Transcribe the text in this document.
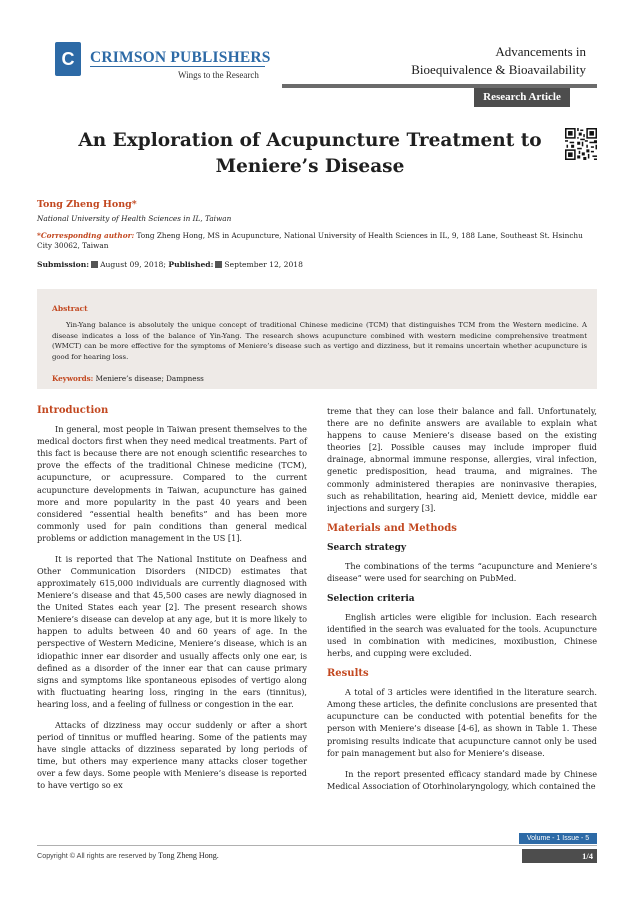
C	CRIMSON PUBLISHERS
Wings to the Research
Advancements in
Bioequivalence & Bioavailability
Research Article
An Exploration of Acupuncture Treatment to Meniere’s Disease
Tong Zheng Hong*
National University of Health Sciences in IL, Taiwan
*Corresponding author: Tong Zheng Hong, MS in Acupuncture, National University of Health Sciences in IL, 9, 188 Lane, Southeast St. Hsinchu City 30062, Taiwan
Submission: August 09, 2018; Published: September 12, 2018
Abstract
Yin-Yang balance is absolutely the unique concept of traditional Chinese medicine (TCM) that distinguishes TCM from the Western medicine. A disease indicates a loss of the balance of Yin-Yang. The research shows acupuncture combined with western medicine comprehensive treatment (WMCT) can be more effective for the symptoms of Meniere’s disease such as vertigo and dizziness, but it remains uncertain whether acupuncture is good for hearing loss.
Keywords: Meniere’s disease; Dampness
Introduction

In general, most people in Taiwan present themselves to the medical doctors first when they need medical treatments. Part of this fact is because there are not enough scientific researches to prove the effects of the traditional Chinese medicine (TCM), acupuncture, or acupressure. Compared to the current acupuncture developments in Taiwan, acupuncture has gained more and more popularity in the past 40 years and been considered “essential health benefits” and has been more commonly used for pain conditions than general medical problems or addiction management in the US [1].

It is reported that The National Institute on Deafness and Other Communication Disorders (NIDCD) estimates that approximately 615,000 individuals are currently diagnosed with Meniere’s disease and that 45,500 cases are newly diagnosed in the United States each year [2]. The present research shows Meniere’s disease can develop at any age, but it is more likely to happen to adults between 40 and 60 years of age. In the perspective of Western Medicine, Meniere’s disease, which is an idiopathic inner ear disorder and usually affects only one ear, is defined as a disorder of the inner ear that can cause primary signs and symptoms like spontaneous episodes of vertigo along with fluctuating hearing loss, ringing in the ears (tinnitus), hearing loss, and a feeling of fullness or congestion in the ear.

Attacks of dizziness may occur suddenly or after a short period of tinnitus or muffled hearing. Some of the patients may have single attacks of dizziness separated by long periods of time, but others may experience many attacks closer together over a few days. Some people with Meniere’s disease is reported to have vertigo so ex

treme that they can lose their balance and fall. Unfortunately, there are no definite answers are available to explain what happens to cause Meniere’s disease based on the existing theories [2]. Possible causes may include improper fluid drainage, abnormal immune response, allergies, viral infection, genetic predisposition, head trauma, and migraines. The commonly administered therapies are noninvasive therapies, such as rehabilitation, hearing aid, Meniett device, middle ear injections and surgery [3].

Materials and Methods
Search strategy

The combinations of the terms “acupuncture and Meniere’s disease” were used for searching on PubMed.

Selection criteria

English articles were eligible for inclusion. Each research identified in the search was evaluated for the tools. Acupuncture used in combination with medicines, moxibustion, Chinese herbs, and cupping were excluded.

Results

A total of 3 articles were identified in the literature search. Among these articles, the definite conclusions are presented that acupuncture can be conducted with potential benefits for the person with Meniere’s disease [4-6], as shown in Table 1. These promising results indicate that acupuncture cannot only be used for pain management but also for Meniere’s disease.

In the report presented efficacy standard made by Chinese Medical Association of Otorhinolaryngology, which contained the

Volume - 1 Issue - 5
Copyright © All rights are reserved by Tong Zheng Hong.	1/4
